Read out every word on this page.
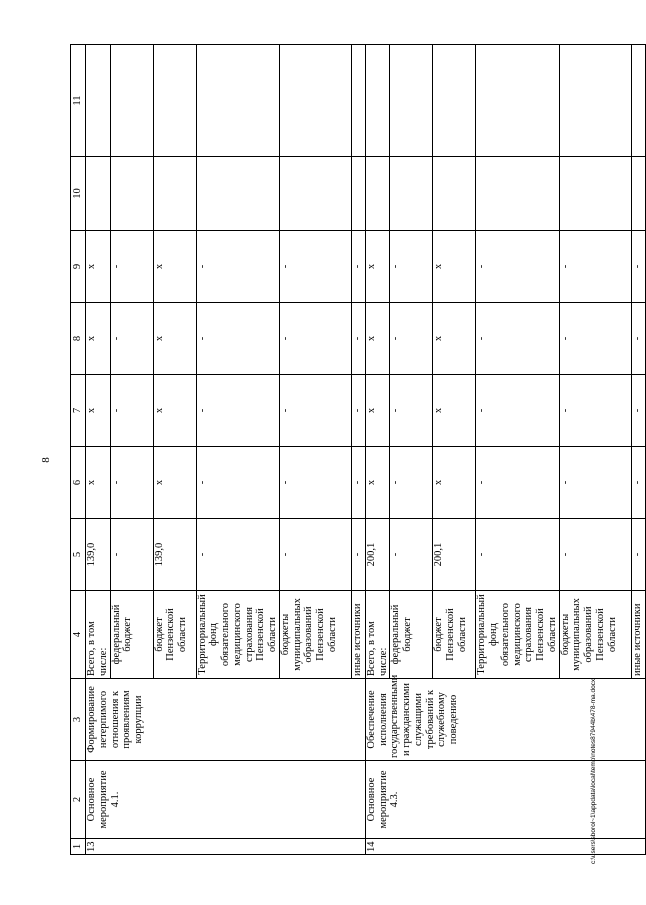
8
1	2	3	4	5	6	7	8	9	10	11
13	Основное мероприятие 4.1.	Формирование нетерпимого отношения к проявлениям коррупции	Всего, в том числе:	139,0	х	х	х	х		
			федеральный бюджет	-	-	-	-	-		
			бюджет Пензенской области	139,0	х	х	х	х		
			Территориальный фонд обязательного медицинского страхования Пензенской области	-	-	-	-	-		
			бюджеты муниципальных образований Пензенской области	-	-	-	-	-		
			иные источники	-	-	-	-	-		
14	Основное мероприятие 4.3.	Обеспечение исполнения государственными и гражданскими служащими требований к служебному поведению	Всего, в том числе:	200,1	х	х	х	х		
			федеральный бюджет	-	-	-	-	-		
			бюджет Пензенской области	200,1	х	х	х	х		
			Территориальный фонд обязательного медицинского страхования Пензенской области	-	-	-	-	-		
			бюджеты муниципальных образований Пензенской области	-	-	-	-	-		
			иные источники	-	-	-	-	-		
c:\users\sborol~1\appdata\local\temp\notes87944b\478-ma.docx
